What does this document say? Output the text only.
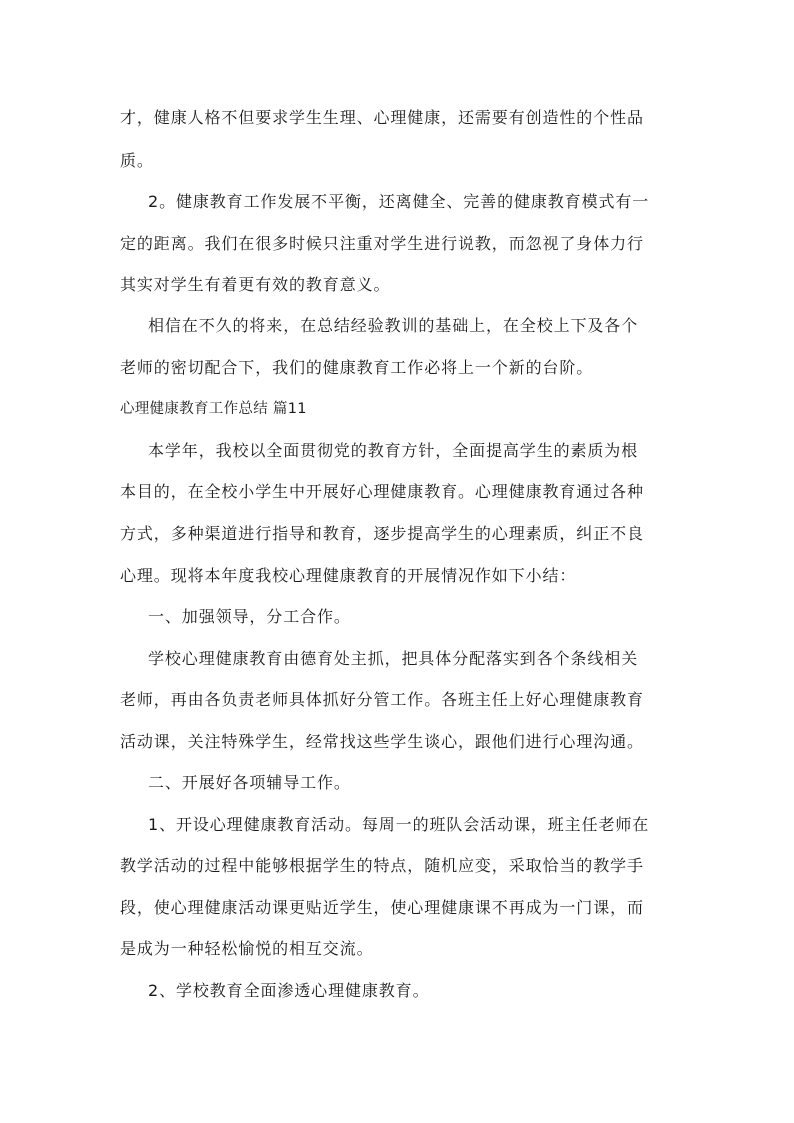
才，健康人格不但要求学生生理、心理健康，还需要有创造性的个性品
质。
2。健康教育工作发展不平衡，还离健全、完善的健康教育模式有一
定的距离。我们在很多时候只注重对学生进行说教，而忽视了身体力行
其实对学生有着更有效的教育意义。
相信在不久的将来，在总结经验教训的基础上，在全校上下及各个
老师的密切配合下，我们的健康教育工作必将上一个新的台阶。
心理健康教育工作总结 篇11
本学年，我校以全面贯彻党的教育方针，全面提高学生的素质为根
本目的，在全校小学生中开展好心理健康教育。心理健康教育通过各种
方式，多种渠道进行指导和教育，逐步提高学生的心理素质，纠正不良
心理。现将本年度我校心理健康教育的开展情况作如下小结：
一、加强领导，分工合作。
学校心理健康教育由德育处主抓，把具体分配落实到各个条线相关
老师，再由各负责老师具体抓好分管工作。各班主任上好心理健康教育
活动课，关注特殊学生，经常找这些学生谈心，跟他们进行心理沟通。
二、开展好各项辅导工作。
1、开设心理健康教育活动。每周一的班队会活动课，班主任老师在
教学活动的过程中能够根据学生的特点，随机应变，采取恰当的教学手
段，使心理健康活动课更贴近学生，使心理健康课不再成为一门课，而
是成为一种轻松愉悦的相互交流。
2、学校教育全面渗透心理健康教育。
